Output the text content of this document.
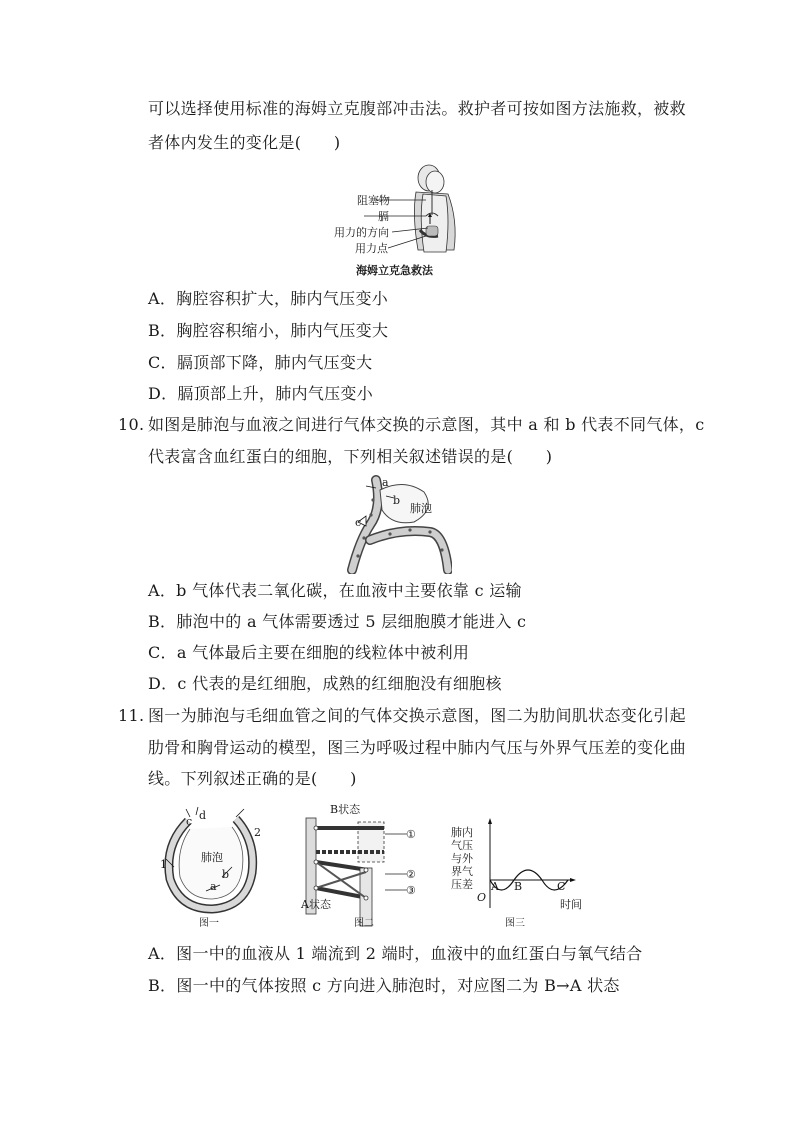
可以选择使用标准的海姆立克腹部冲击法。救护者可按如图方法施救，被救
者体内发生的变化是(　　)
阻塞物
膈
用力的方向
用力点
海姆立克急救法
A．胸腔容积扩大，肺内气压变小
B．胸腔容积缩小，肺内气压变大
C．膈顶部下降，肺内气压变大
D．膈顶部上升，肺内气压变小
10. 如图是肺泡与血液之间进行气体交换的示意图，其中 a 和 b 代表不同气体，c
代表富含血红蛋白的细胞，下列相关叙述错误的是(　　)
a
b
c
肺泡
A．b 气体代表二氧化碳，在血液中主要依靠 c 运输
B．肺泡中的 a 气体需要透过 5 层细胞膜才能进入 c
C．a 气体最后主要在细胞的线粒体中被利用
D．c 代表的是红细胞，成熟的红细胞没有细胞核
11. 图一为肺泡与毛细血管之间的气体交换示意图，图二为肋间肌状态变化引起
肋骨和胸骨运动的模型，图三为呼吸过程中肺内气压与外界气压差的变化曲
线。下列叙述正确的是(　　)
c d
2
1
肺泡
b
a
图一
B状态
①
②
③
A状态
图二
肺内
气压
与外
界气
压差 A B	C
O
时间
图三
A．图一中的血液从 1 端流到 2 端时，血液中的血红蛋白与氧气结合
B．图一中的气体按照 c 方向进入肺泡时，对应图二为 B→A 状态
